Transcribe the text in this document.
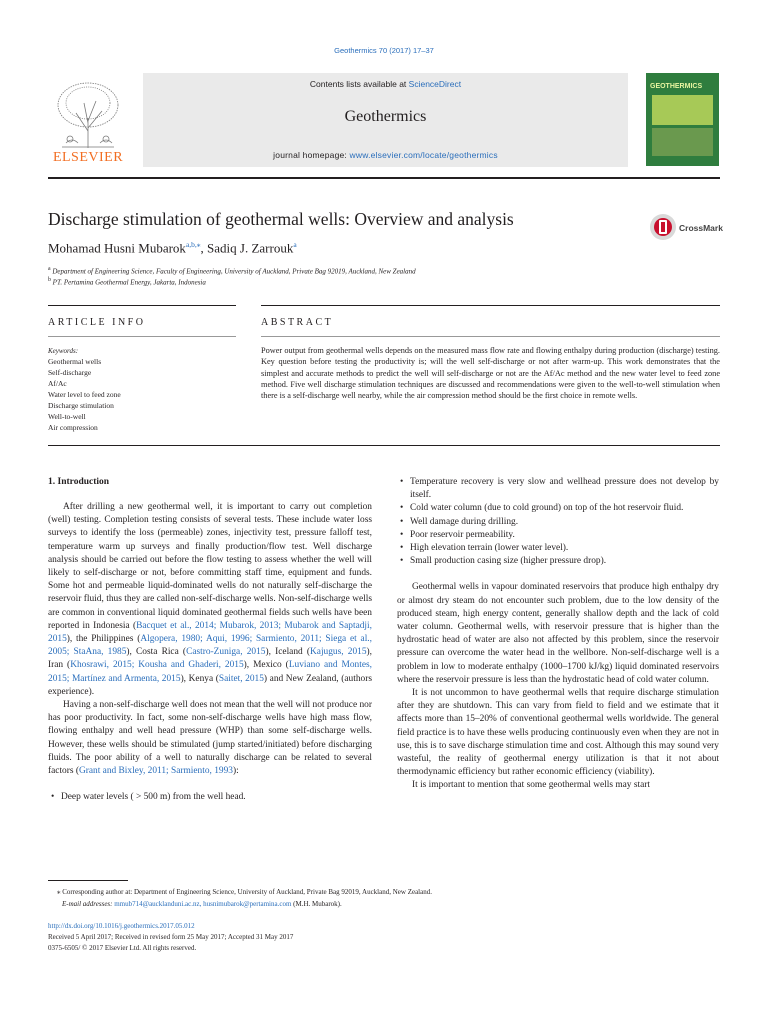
Geothermics 70 (2017) 17–37
ELSEVIER
Contents lists available at ScienceDirect
Geothermics
journal homepage: www.elsevier.com/locate/geothermics
GEOTHERMICS
Discharge stimulation of geothermal wells: Overview and analysis
Mohamad Husni Mubarok$^{a,b,⁎}$, Sadiq J. Zarrouk$^a$
CrossMark
$^a$ Department of Engineering Science, Faculty of Engineering, University of Auckland, Private Bag 92019, Auckland, New Zealand
$^b$ PT. Pertamina Geothermal Energy, Jakarta, Indonesia
ARTICLE INFO	ABSTRACT
Keywords:
Geothermal wells
Self-discharge
Af/Ac
Water level to feed zone
Discharge stimulation
Well-to-well
Air compression
Power output from geothermal wells depends on the measured mass flow rate and flowing enthalpy during production (discharge) testing. Key question before testing the productivity is; will the well self-discharge or not after warm-up. This work demonstrates that the simplest and accurate methods to predict the well will self-discharge or not are the Af/Ac method and the new water level to feed zone method. Five well discharge stimulation techniques are discussed and recommendations were given to the well-to-well stimulation when there is a self-discharge well nearby, while the air compression method should be the first choice in remote wells.
1. Introduction

After drilling a new geothermal well, it is important to carry out completion (well) testing. Completion testing consists of several tests. These include water loss surveys to identify the loss (permeable) zones, injectivity test, pressure falloff test, temperature warm up surveys and finally production/flow test. Well discharge analysis should be carried out before the flow testing to assess whether the well will likely to self-discharge or not, before committing staff time, equipment and funds. Some hot and permeable liquid-dominated wells do not naturally self-discharge the reservoir fluid, thus they are called non-self-discharge wells. Non-self-discharge wells are common in conventional liquid dominated geothermal fields such wells have been reported in Indonesia (Bacquet et al., 2014; Mubarok, 2013; Mubarok and Saptadji, 2015), the Philippines (Algopera, 1980; Aqui, 1996; Sarmiento, 2011; Siega et al., 2005; StaAna, 1985), Costa Rica (Castro-Zuniga, 2015), Iceland (Kajugus, 2015), Iran (Khosrawi, 2015; Kousha and Ghaderi, 2015), Mexico (Luviano and Montes, 2015; Martínez and Armenta, 2015), Kenya (Saitet, 2015) and New Zealand, (authors experience).

Having a non-self-discharge well does not mean that the well will not produce nor has poor productivity. In fact, some non-self-discharge wells have high mass flow, flowing enthalpy and well head pressure (WHP) than some self-discharge wells. However, these wells should be stimulated (jump started/initiated) before discharging fluids. The poor ability of a well to naturally discharge can be related to several factors (Grant and Bixley, 2011; Sarmiento, 1993):

• Deep water levels ( > 500 m) from the well head.

• Temperature recovery is very slow and wellhead pressure does not develop by itself.

• Cold water column (due to cold ground) on top of the hot reservoir fluid.

• Well damage during drilling.

• Poor reservoir permeability.

• High elevation terrain (lower water level).

• Small production casing size (higher pressure drop).

Geothermal wells in vapour dominated reservoirs that produce high enthalpy dry or almost dry steam do not encounter such problem, due to the low density of the produced steam, high energy content, generally shallow depth and the lack of cold water column. Geothermal wells, with reservoir pressure that is higher than the hydrostatic head of water are also not affected by this problem, since the reservoir pressure can overcome the water head in the wellbore. Non-self-discharge well is a problem in low to moderate enthalpy (1000–1700 kJ/kg) liquid dominated reservoirs where the reservoir pressure is less than the hydrostatic head of cold water column.

It is not uncommon to have geothermal wells that require discharge stimulation after they are shutdown. This can vary from field to field and we estimate that it affects more than 15–20% of conventional geothermal wells worldwide. The general field practice is to have these wells producing continuously even when they are not in use, this is to save discharge stimulation time and cost. Although this may sound very wasteful, the reality of geothermal energy utilization is that it not about thermodynamic efficiency but rather economic efficiency (viability).

It is important to mention that some geothermal wells may start

⁎ Corresponding author at: Department of Engineering Science, University of Auckland, Private Bag 92019, Auckland, New Zealand.
E-mail addresses: mmub714@aucklanduni.ac.nz, husnimubarok@pertamina.com (M.H. Mubarok).
http://dx.doi.org/10.1016/j.geothermics.2017.05.012
Received 5 April 2017; Received in revised form 25 May 2017; Accepted 31 May 2017
0375-6505/ © 2017 Elsevier Ltd. All rights reserved.
